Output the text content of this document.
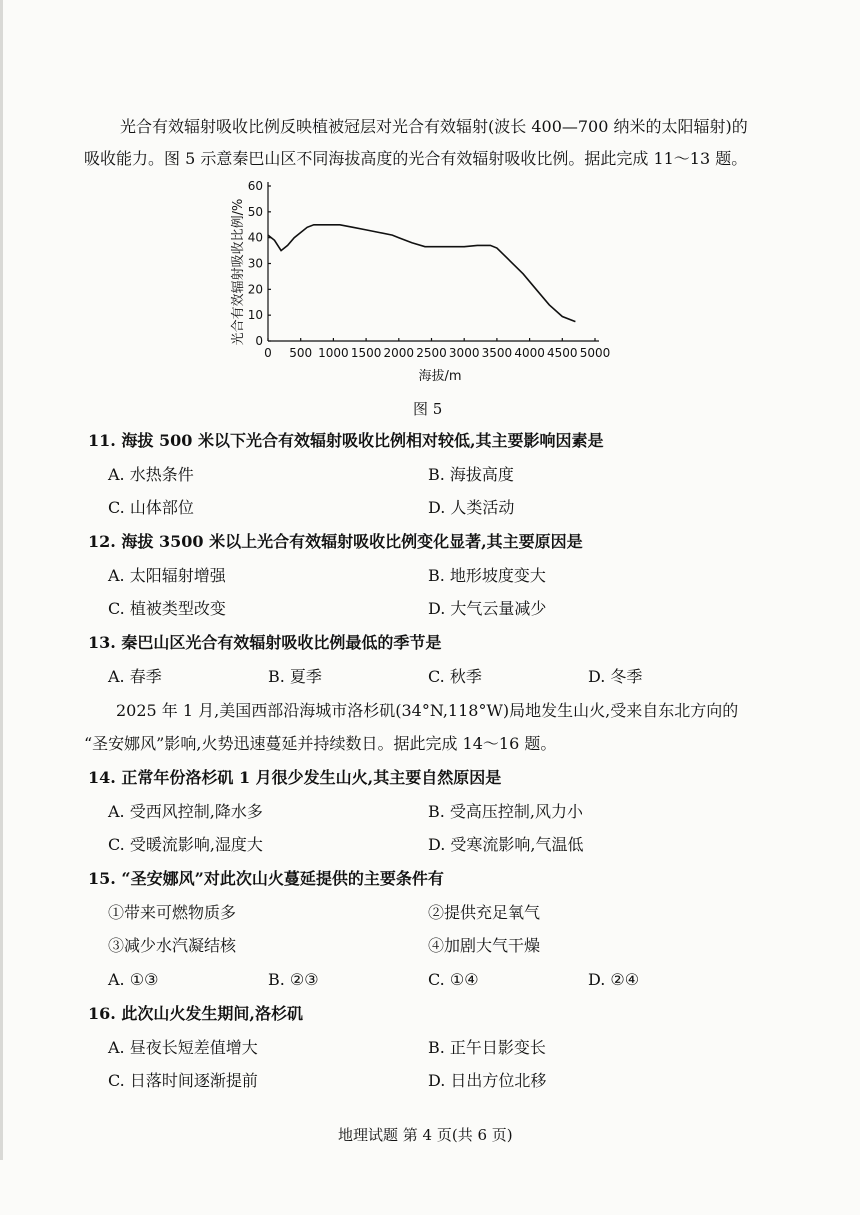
光合有效辐射吸收比例反映植被冠层对光合有效辐射(波长 400—700 纳米的太阳辐射)的
吸收能力。图 5 示意秦巴山区不同海拔高度的光合有效辐射吸收比例。据此完成 11～13 题。
光合有效辐射吸收比例/%
海拔/m
0 500 1000 1500 2000 2500 3000 3500 4000 4500 5000
0
10
20
30
40
50
60
图 5
11. 海拔 500 米以下光合有效辐射吸收比例相对较低,其主要影响因素是
A. 水热条件	B. 海拔高度
C. 山体部位	D. 人类活动
12. 海拔 3500 米以上光合有效辐射吸收比例变化显著,其主要原因是
A. 太阳辐射增强	B. 地形坡度变大
C. 植被类型改变	D. 大气云量减少
13. 秦巴山区光合有效辐射吸收比例最低的季节是
A. 春季	B. 夏季	C. 秋季	D. 冬季
2025 年 1 月,美国西部沿海城市洛杉矶(34°N,118°W)局地发生山火,受来自东北方向的
“圣安娜风”影响,火势迅速蔓延并持续数日。据此完成 14～16 题。
14. 正常年份洛杉矶 1 月很少发生山火,其主要自然原因是
A. 受西风控制,降水多	B. 受高压控制,风力小
C. 受暖流影响,湿度大	D. 受寒流影响,气温低
15. “圣安娜风”对此次山火蔓延提供的主要条件有
①带来可燃物质多	②提供充足氧气
③减少水汽凝结核	④加剧大气干燥
A. ①③	B. ②③	C. ①④	D. ②④
16. 此次山火发生期间,洛杉矶
A. 昼夜长短差值增大	B. 正午日影变长
C. 日落时间逐渐提前	D. 日出方位北移
地理试题 第 4 页(共 6 页)
